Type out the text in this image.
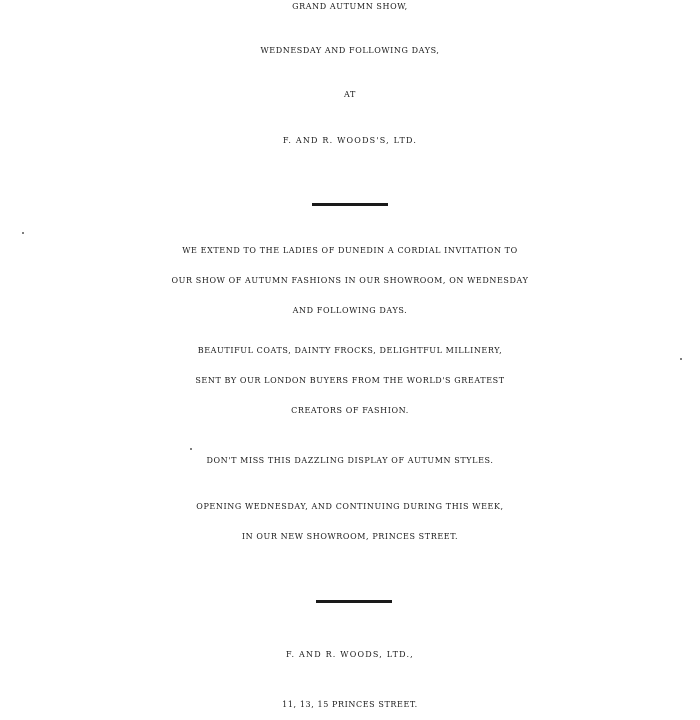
GRAND AUTUMN SHOW,
WEDNESDAY AND FOLLOWING DAYS,
AT
F. AND R. WOODS'S, LTD.
WE EXTEND TO THE LADIES OF DUNEDIN A CORDIAL INVITATION TO
OUR SHOW OF AUTUMN FASHIONS IN OUR SHOWROOM, ON WEDNESDAY
AND FOLLOWING DAYS.
BEAUTIFUL COATS, DAINTY FROCKS, DELIGHTFUL MILLINERY,
SENT BY OUR LONDON BUYERS FROM THE WORLD'S GREATEST
CREATORS OF FASHION.
DON'T MISS THIS DAZZLING DISPLAY OF AUTUMN STYLES.
OPENING WEDNESDAY, AND CONTINUING DURING THIS WEEK,
IN OUR NEW SHOWROOM, PRINCES STREET.
F. AND R. WOODS, LTD.,
11, 13, 15 PRINCES STREET.
